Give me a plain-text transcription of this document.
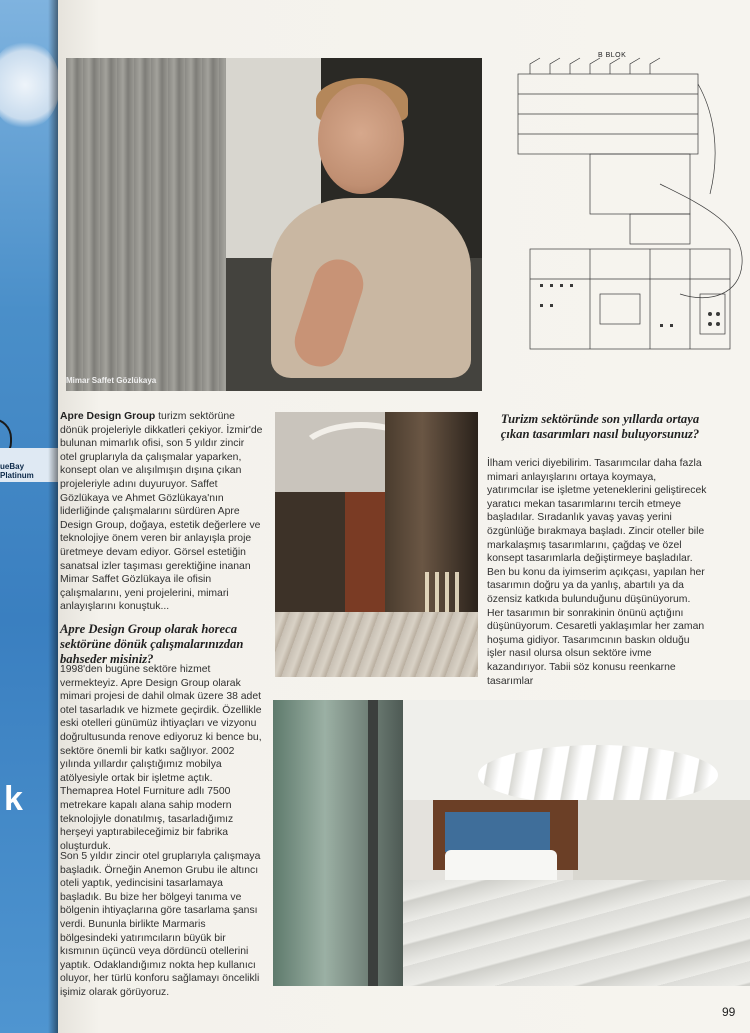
ueBay Platinum
k
Mimar Saffet Gözlükaya
B BLOK

Apre Design Group turizm sektörüne dönük projeleriyle dikkatleri çekiyor. İzmir'de bulunan mimarlık ofisi, son 5 yıldır zincir otel gruplarıyla da çalışmalar yaparken, konsept olan ve alışılmışın dışına çıkan projeleriyle adını duyuruyor. Saffet Gözlükaya ve Ahmet Gözlükaya'nın liderliğinde çalışmalarını sürdüren Apre Design Group, doğaya, estetik değerlere ve teknolojiye önem veren bir anlayışla proje üretmeye devam ediyor. Görsel estetiğin sanatsal izler taşıması gerektiğine inanan Mimar Saffet Gözlükaya ile ofisin çalışmalarını, yeni projelerini, mimari anlayışlarını konuştuk...

Apre Design Group olarak horeca sektörüne dönük çalışmalarınızdan bahseder misiniz?

1998'den bugüne sektöre hizmet vermekteyiz. Apre Design Group olarak mimari projesi de dahil olmak üzere 38 adet otel tasarladık ve hizmete geçirdik. Özellikle eski otelleri günümüz ihtiyaçları ve vizyonu doğrultusunda renove ediyoruz ki bence bu, sektöre önemli bir katkı sağlıyor. 2002 yılında yıllardır çalıştığımız mobilya atölyesiyle ortak bir işletme açtık. Themaprea Hotel Furniture adlı 7500 metrekare kapalı alana sahip modern teknolojiyle donatılmış, tasarladığımız herşeyi yaptırabileceğimiz bir fabrika oluşturduk.

Son 5 yıldır zincir otel gruplarıyla çalışmaya başladık. Örneğin Anemon Grubu ile altıncı oteli yaptık, yedincisini tasarlamaya başladık. Bu bize her bölgeyi tanıma ve bölgenin ihtiyaçlarına göre tasarlama şansı verdi. Bununla birlikte Marmaris bölgesindeki yatırımcıların büyük bir kısmının üçüncü veya dördüncü otellerini yaptık. Odaklandığımız nokta hep kullanıcı oluyor, her türlü konforu sağlamayı öncelikli işimiz olarak görüyoruz.

Turizm sektöründe son yıllarda ortaya çıkan tasarımları nasıl buluyorsunuz?

İlham verici diyebilirim. Tasarımcılar daha fazla mimari anlayışlarını ortaya koymaya, yatırımcılar ise işletme yeteneklerini geliştirecek yaratıcı mekan tasarımlarını tercih etmeye başladılar. Sıradanlık yavaş yavaş yerini özgünlüğe bırakmaya başladı. Zincir oteller bile markalaşmış tasarımlarını, çağdaş ve özel konsept tasarımlarla değiştirmeye başladılar. Ben bu konu da iyimserim açıkçası, yapılan her tasarımın doğru ya da yanlış, abartılı ya da özensiz katkıda bulunduğunu düşünüyorum. Her tasarımın bir sonrakinin önünü açtığını düşünüyorum. Cesaretli yaklaşımlar her zaman hoşuma gidiyor. Tasarımcının baskın olduğu işler nasıl olursa olsun sektöre ivme kazandırıyor. Tabii söz konusu reenkarne tasarımlar

99
